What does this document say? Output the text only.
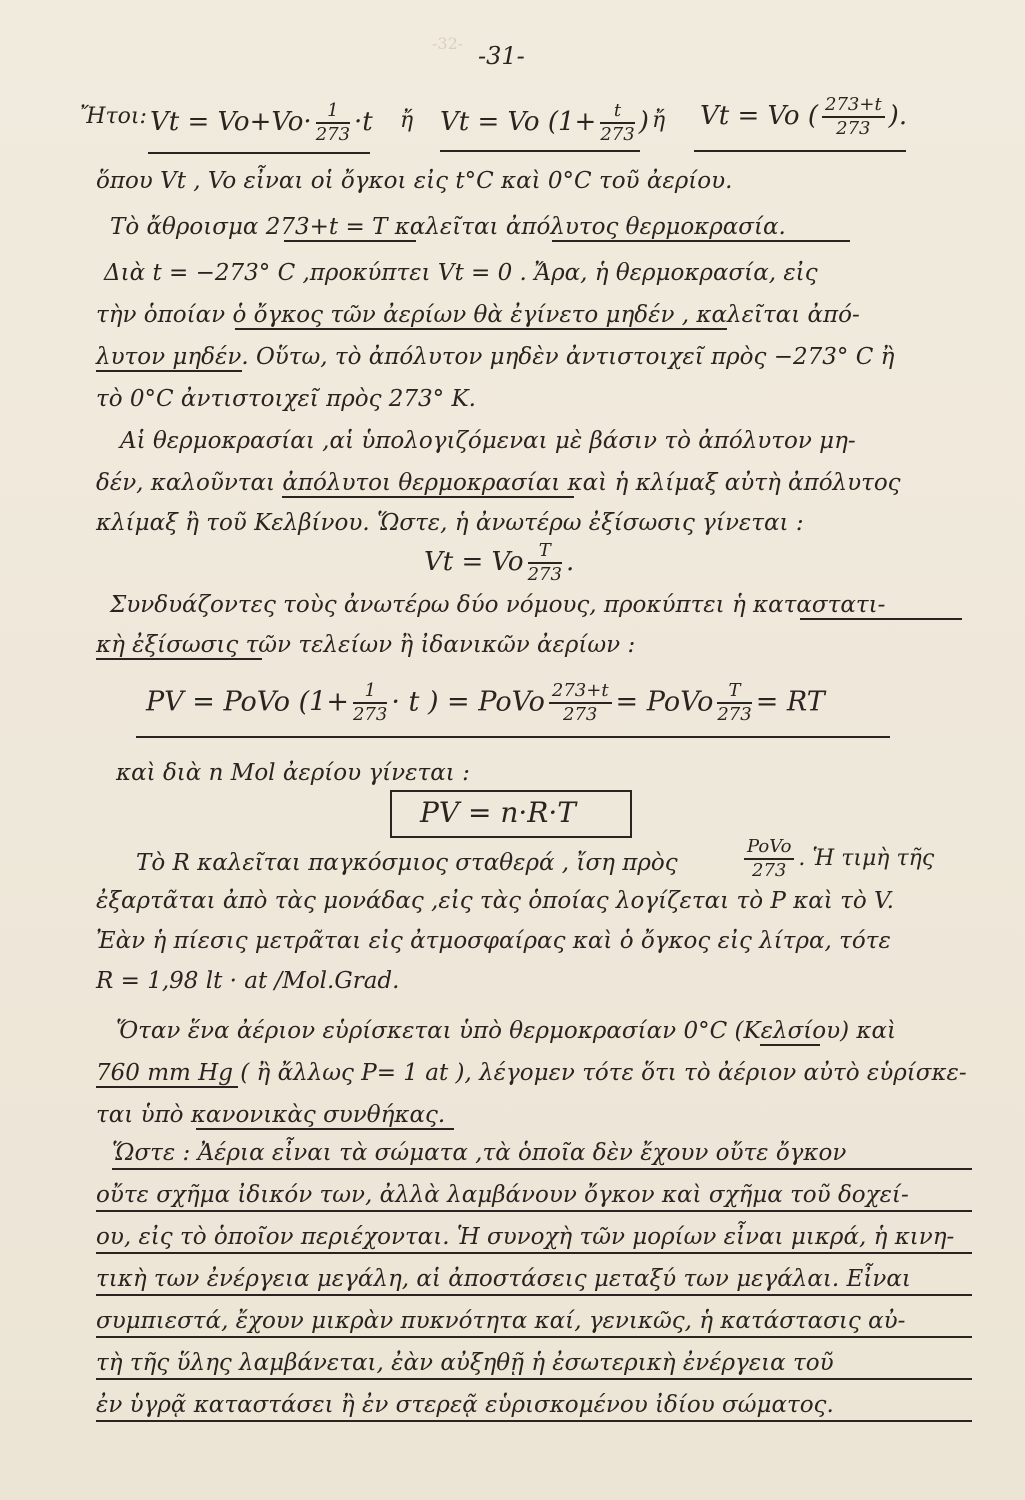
-32- -31-
Ἤτοι: $Vt = Vo+Vo\cdot \frac{1}{273} \cdot t$ ἤ Vt = Vo ($1+ \frac{t}{273}$ ) ἤ Vt = Vo ( $\frac{273+t}{273}$ ).
ὅπου Vt , Vo εἶναι οἱ ὄγκοι εἰς t°C καὶ 0°C τοῦ ἀερίου.
Τὸ ἄθροισμα 273+t = T καλεῖται ἀπόλυτος θερμοκρασία.
Διὰ t = −273° C ,προκύπτει Vt = 0 . Ἄρα, ἡ θερμοκρασία, εἰς
τὴν ὁποίαν ὁ ὄγκος τῶν ἀερίων θὰ ἐγίνετο μηδέν , καλεῖται ἀπό-
λυτον μηδέν. Οὕτω, τὸ ἀπόλυτον μηδὲν ἀντιστοιχεῖ πρὸς −273° C ἢ
τὸ 0°C ἀντιστοιχεῖ πρὸς 273° K.
Αἱ θερμοκρασίαι ,αἱ ὑπολογιζόμεναι μὲ βάσιν τὸ ἀπόλυτον μη-
δέν, καλοῦνται ἀπόλυτοι θερμοκρασίαι καὶ ἡ κλίμαξ αὐτὴ ἀπόλυτος
κλίμαξ ἢ τοῦ Κελβίνου. Ὥστε, ἡ ἀνωτέρω ἐξίσωσις γίνεται :
Vt = Vo $\frac{T}{273}$ .
Συνδυάζοντες τοὺς ἀνωτέρω δύο νόμους, προκύπτει ἡ καταστατι-
κὴ ἐξίσωσις τῶν τελείων ἢ ἰδανικῶν ἀερίων :
PV = PoVo ($1+ \frac{1}{273} \cdot t$ ) = PoVo $\frac{273+t}{273}$ = PoVo $\frac{T}{273}$ = RT
καὶ διὰ n Mol ἀερίου γίνεται :
PV = n·R·T
Τὸ R καλεῖται παγκόσμιος σταθερά , ἴση πρὸς	$\frac{\text{PoVo}}{273}$ . Ἡ τιμὴ τῆς
ἐξαρτᾶται ἀπὸ τὰς μονάδας ,εἰς τὰς ὁποίας λογίζεται τὸ P καὶ τὸ V.
Ἐὰν ἡ πίεσις μετρᾶται εἰς ἀτμοσφαίρας καὶ ὁ ὄγκος εἰς λίτρα, τότε
R = 1,98 lt · at /Mol.Grad.
Ὅταν ἕνα ἀέριον εὑρίσκεται ὑπὸ θερμοκρασίαν 0°C (Κελσίου) καὶ
760 mm Hg ( ἢ ἄλλως P= 1 at ), λέγομεν τότε ὅτι τὸ ἀέριον αὐτὸ εὑρίσκε-
ται ὑπὸ κανονικὰς συνθήκας.
Ὥστε : Ἀέρια εἶναι τὰ σώματα ,τὰ ὁποῖα δὲν ἔχουν οὔτε ὄγκον
οὔτε σχῆμα ἰδικόν των, ἀλλὰ λαμβάνουν ὄγκον καὶ σχῆμα τοῦ δοχεί-
ου, εἰς τὸ ὁποῖον περιέχονται. Ἡ συνοχὴ τῶν μορίων εἶναι μικρά, ἡ κινη-
τικὴ των ἐνέργεια μεγάλη, αἱ ἀποστάσεις μεταξύ των μεγάλαι. Εἶναι
συμπιεστά, ἔχουν μικρὰν πυκνότητα καί, γενικῶς, ἡ κατάστασις αὐ-
τὴ τῆς ὕλης λαμβάνεται, ἐὰν αὐξηθῇ ἡ ἐσωτερικὴ ἐνέργεια τοῦ
ἐν ὑγρᾷ καταστάσει ἢ ἐν στερεᾷ εὑρισκομένου ἰδίου σώματος.
